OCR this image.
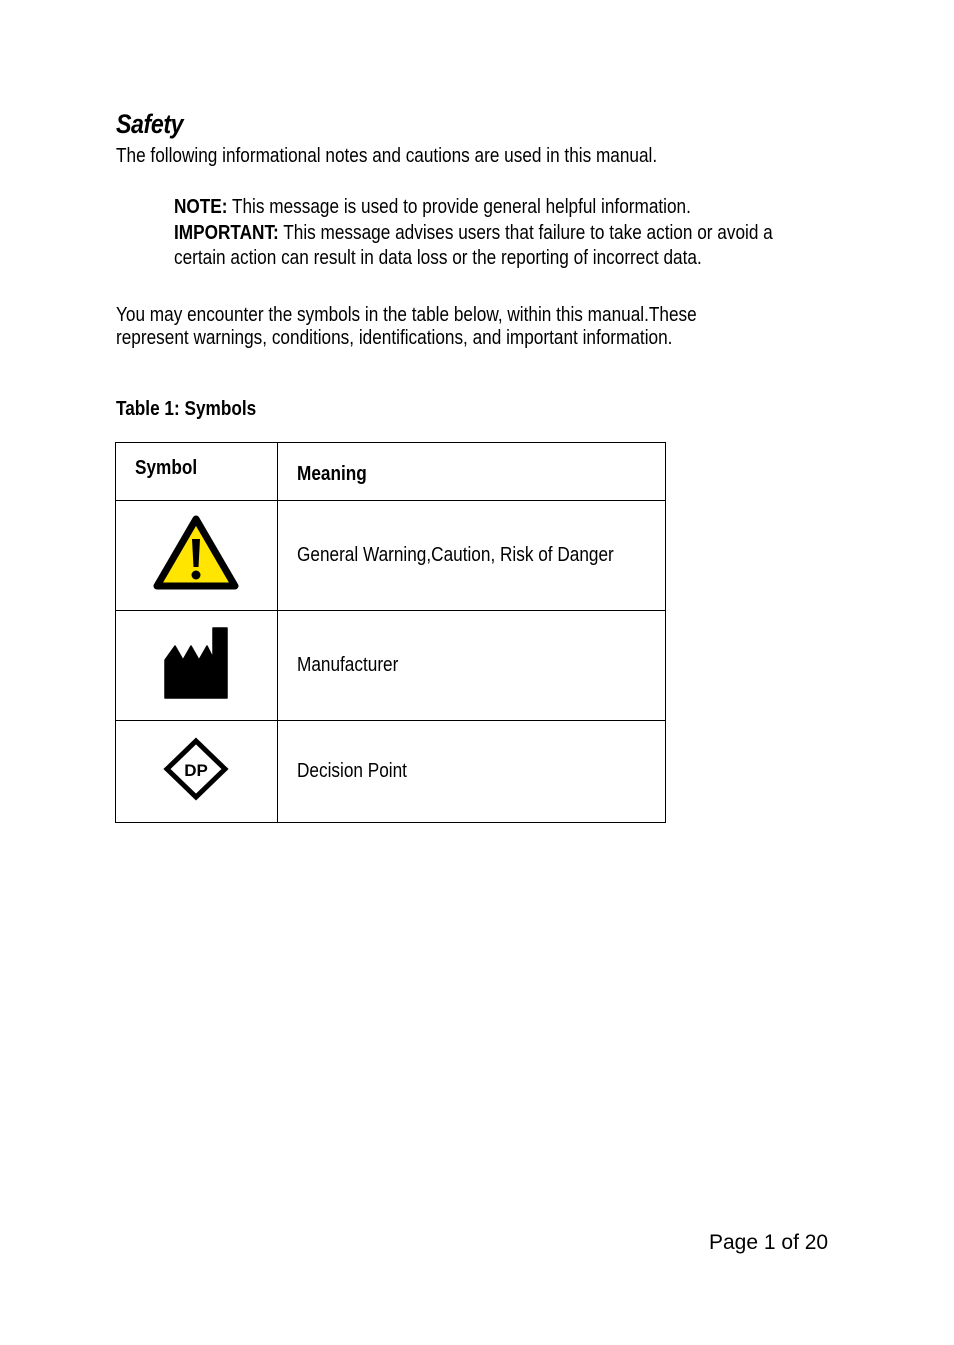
Safety
The following informational notes and cautions are used in this manual.
NOTE: This message is used to provide general helpful information.
IMPORTANT: This message advises users that failure to take action or avoid a
certain action can result in data loss or the reporting of incorrect data.
You may encounter the symbols in the table below, within this manual.These
represent warnings, conditions, identifications, and important information.
Table 1: Symbols
Symbol	Meaning
	General Warning,Caution, Risk of Danger
	Manufacturer

DP	Decision Point
Page 1 of 20
